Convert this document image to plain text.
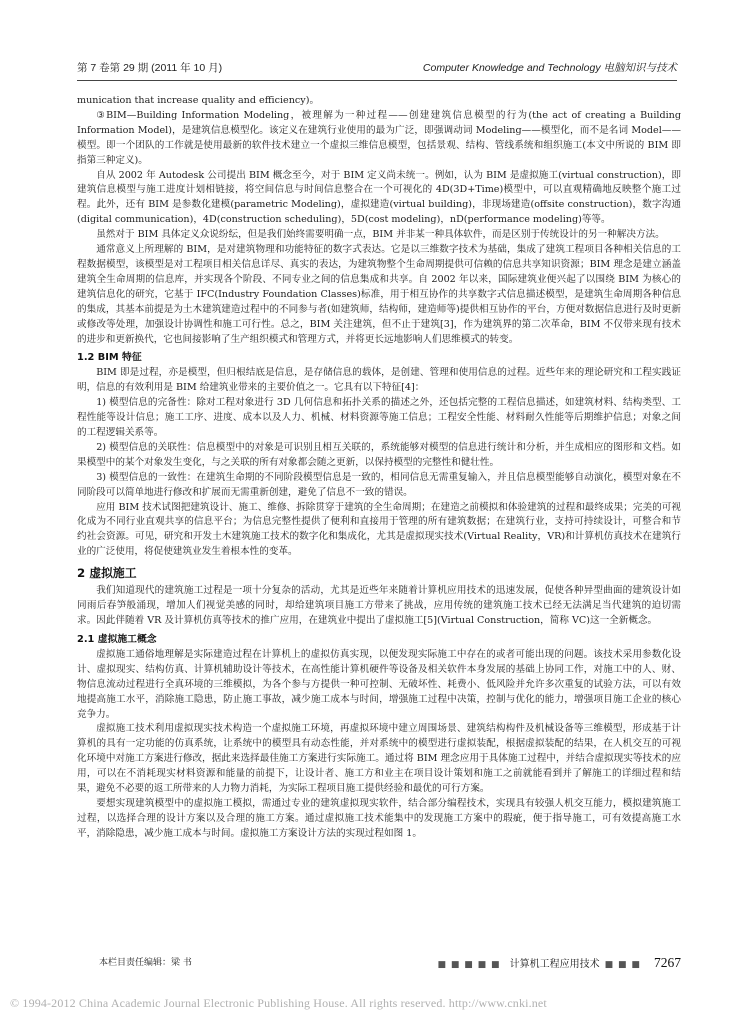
第 7 卷第 29 期 (2011 年 10 月)	Computer Knowledge and Technology 电脑知识与技术

munication that increase quality and efficiency)。

③BIM—Building Information Modeling，被理解为一种过程——创建建筑信息模型的行为(the act of creating a Building Information Model)，是建筑信息模型化。该定义在建筑行业使用的最为广泛，即强调动词 Modeling——模型化，而不是名词 Model——模型。即一个团队的工作就是使用最新的软件技术建立一个虚拟三维信息模型，包括景观、结构、管线系统和组织施工(本文中所说的 BIM 即指第三种定义)。

自从 2002 年 Autodesk 公司提出 BIM 概念至今，对于 BIM 定义尚未统一。例如，认为 BIM 是虚拟施工(virtual construction)，即建筑信息模型与施工进度计划相链接，将空间信息与时间信息整合在一个可视化的 4D(3D+Time)模型中，可以直观精确地反映整个施工过程。此外，还有 BIM 是参数化建模(parametric Modeling)，虚拟建造(virtual building)，非现场建造(offsite construction)，数字沟通(digital communication)，4D(construction scheduling)，5D(cost modeling)，nD(performance modeling)等等。

虽然对于 BIM 具体定义众说纷纭，但是我们始终需要明确一点，BIM 并非某一种具体软件，而是区别于传统设计的另一种解决方法。

通常意义上所理解的 BIM，是对建筑物理和功能特征的数字式表达。它是以三维数字技术为基础，集成了建筑工程项目各种相关信息的工程数据模型，该模型是对工程项目相关信息详尽、真实的表达，为建筑物整个生命周期提供可信赖的信息共享知识资源；BIM 理念是建立涵盖建筑全生命周期的信息库，并实现各个阶段、不同专业之间的信息集成和共享。自 2002 年以来，国际建筑业便兴起了以围绕 BIM 为核心的建筑信息化的研究，它基于 IFC(Industry Foundation Classes)标准，用于相互协作的共享数字式信息描述模型，是建筑生命周期各种信息的集成，其基本前提是为土木建筑建造过程中的不同参与者(如建筑师，结构师，建造师等)提供相互协作的平台，方便对数据信息进行及时更新或修改等处理，加强设计协调性和施工可行性。总之，BIM 关注建筑，但不止于建筑[3]，作为建筑界的第二次革命，BIM 不仅带来现有技术的进步和更新换代，它也间接影响了生产组织模式和管理方式，并将更长远地影响人们思维模式的转变。

1.2 BIM 特征

BIM 即是过程，亦是模型，但归根结底是信息，是存储信息的载体，是创建、管理和使用信息的过程。近些年来的理论研究和工程实践证明，信息的有效利用是 BIM 给建筑业带来的主要价值之一。它具有以下特征[4]：

1) 模型信息的完备性：除对工程对象进行 3D 几何信息和拓扑关系的描述之外，还包括完整的工程信息描述，如建筑材料、结构类型、工程性能等设计信息；施工工序、进度、成本以及人力、机械、材料资源等施工信息；工程安全性能、材料耐久性能等后期维护信息；对象之间的工程逻辑关系等。

2) 模型信息的关联性：信息模型中的对象是可识别且相互关联的，系统能够对模型的信息进行统计和分析，并生成相应的图形和文档。如果模型中的某个对象发生变化，与之关联的所有对象都会随之更新，以保持模型的完整性和健壮性。

3) 模型信息的一致性：在建筑生命期的不同阶段模型信息是一致的，相同信息无需重复输入，并且信息模型能够自动演化，模型对象在不同阶段可以简单地进行修改和扩展而无需重新创建，避免了信息不一致的错误。

应用 BIM 技术试图把建筑设计、施工、维修、拆除贯穿于建筑的全生命周期；在建造之前模拟和体验建筑的过程和最终成果；完美的可视化成为不同行业直观共享的信息平台；为信息完整性提供了便利和直接用于管理的所有建筑数据；在建筑行业，支持可持续设计，可整合和节约社会资源。可见，研究和开发土木建筑施工技术的数字化和集成化，尤其是虚拟现实技术(Virtual Reality，VR)和计算机仿真技术在建筑行业的广泛使用，将促使建筑业发生着根本性的变革。

2 虚拟施工

我们知道现代的建筑施工过程是一项十分复杂的活动，尤其是近些年来随着计算机应用技术的迅速发展，促使各种异型曲面的建筑设计如同雨后春笋般涌现，增加人们视觉美感的同时，却给建筑项目施工方带来了挑战，应用传统的建筑施工技术已经无法满足当代建筑的迫切需求。因此伴随着 VR 及计算机仿真等技术的推广应用，在建筑业中提出了虚拟施工[5](Virtual Construction，简称 VC)这一全新概念。

2.1 虚拟施工概念

虚拟施工通俗地理解是实际建造过程在计算机上的虚拟仿真实现，以便发现实际施工中存在的或者可能出现的问题。该技术采用参数化设计、虚拟现实、结构仿真、计算机辅助设计等技术，在高性能计算机硬件等设备及相关软件本身发展的基础上协同工作，对施工中的人、财、物信息流动过程进行全真环境的三维模拟，为各个参与方提供一种可控制、无破坏性、耗费小、低风险并允许多次重复的试验方法，可以有效地提高施工水平，消除施工隐患，防止施工事故，减少施工成本与时间，增强施工过程中决策，控制与优化的能力，增强项目施工企业的核心竞争力。

虚拟施工技术利用虚拟现实技术构造一个虚拟施工环境，再虚拟环境中建立周围场景、建筑结构构件及机械设备等三维模型，形成基于计算机的具有一定功能的仿真系统，让系统中的模型具有动态性能，并对系统中的模型进行虚拟装配，根据虚拟装配的结果，在人机交互的可视化环境中对施工方案进行修改，据此来选择最佳施工方案进行实际施工。通过将 BIM 理念应用于具体施工过程中，并结合虚拟现实等技术的应用，可以在不消耗现实材料资源和能量的前提下，让设计者、施工方和业主在项目设计策划和施工之前就能看到并了解施工的详细过程和结果，避免不必要的返工所带来的人力物力消耗，为实际工程项目施工提供经验和最优的可行方案。

要想实现建筑模型中的虚拟施工模拟，需通过专业的建筑虚拟现实软件，结合部分编程技术，实现具有较强人机交互能力，模拟建筑施工过程，以选择合理的设计方案以及合理的施工方案。通过虚拟施工技术能集中的发现施工方案中的瑕疵，便于指导施工，可有效提高施工水平，消除隐患，减少施工成本与时间。虚拟施工方案设计方法的实现过程如图 1。

本栏目责任编辑：梁 书	■ ■ ■ ■ ■ 计算机工程应用技术 ■ ■ ■ 7267
© 1994-2012 China Academic Journal Electronic Publishing House. All rights reserved. http://www.cnki.net
